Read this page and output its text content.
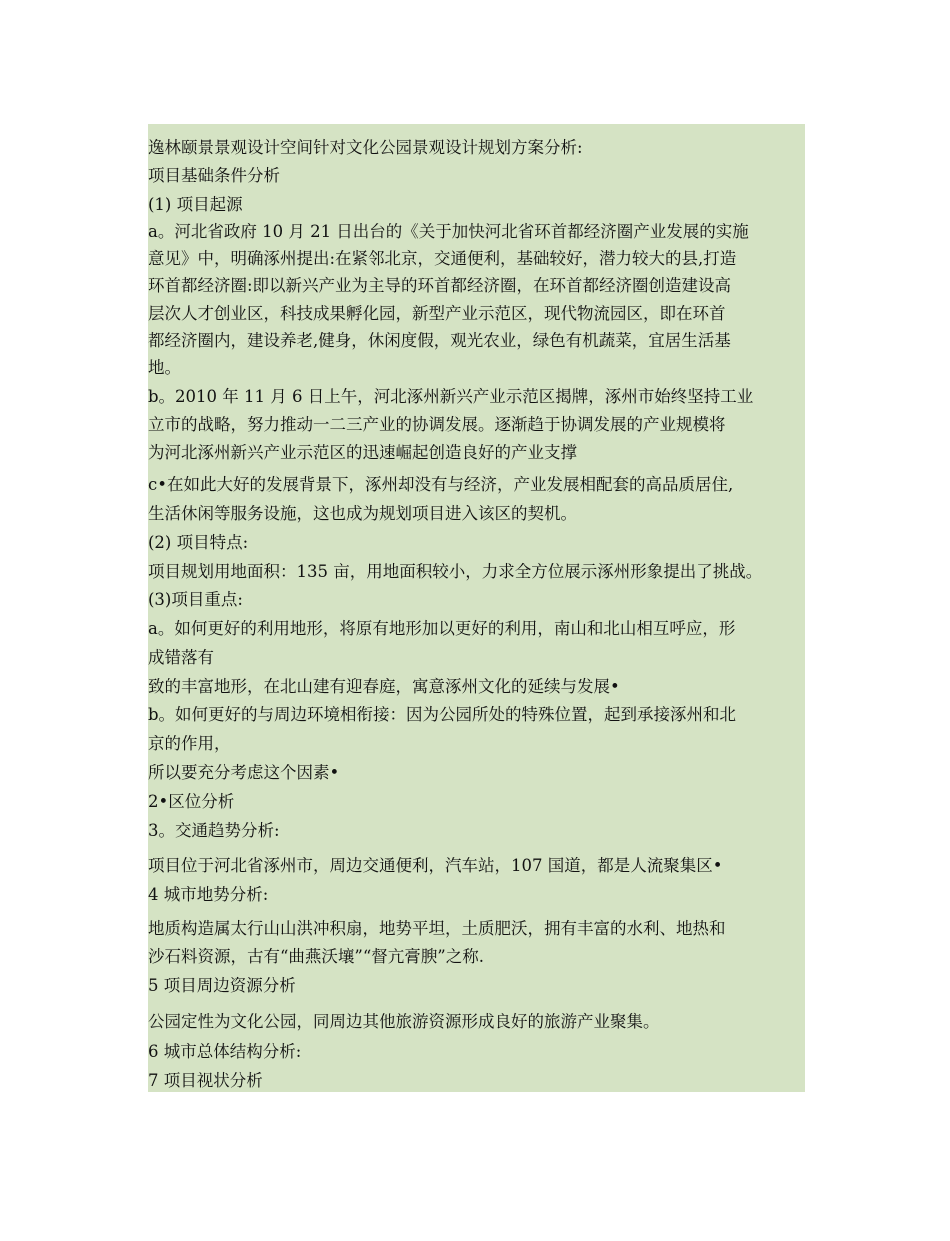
逸林颐景景观设计空间针对文化公园景观设计规划方案分析:
项目基础条件分析
(1) 项目起源
a。河北省政府 10 月 21 日出台的《关于加快河北省环首都经济圈产业发展的实施
意见》中，明确涿州提出:在紧邻北京，交通便利，基础较好，潜力较大的县,打造
环首都经济圈:即以新兴产业为主导的环首都经济圈，在环首都经济圈创造建设高
层次人才创业区，科技成果孵化园，新型产业示范区，现代物流园区，即在环首
都经济圈内，建设养老,健身，休闲度假，观光农业，绿色有机蔬菜，宜居生活基
地。
b。2010 年 11 月 6 日上午，河北涿州新兴产业示范区揭牌，涿州市始终坚持工业
立市的战略，努力推动一二三产业的协调发展。逐渐趋于协调发展的产业规模将
为河北涿州新兴产业示范区的迅速崛起创造良好的产业支撑
c•在如此大好的发展背景下，涿州却没有与经济，产业发展相配套的高品质居住,
生活休闲等服务设施，这也成为规划项目进入该区的契机。
(2) 项目特点:
项目规划用地面积：135 亩，用地面积较小，力求全方位展示涿州形象提出了挑战。
(3)项目重点:
a。如何更好的利用地形，将原有地形加以更好的利用，南山和北山相互呼应，形
成错落有
致的丰富地形，在北山建有迎春庭，寓意涿州文化的延续与发展•
b。如何更好的与周边环境相衔接：因为公园所处的特殊位置，起到承接涿州和北
京的作用，
所以要充分考虑这个因素•
2•区位分析
3。交通趋势分析:
项目位于河北省涿州市，周边交通便利，汽车站，107 国道，都是人流聚集区•
4 城市地势分析:
地质构造属太行山山洪冲积扇，地势平坦，土质肥沃，拥有丰富的水利、地热和
沙石料资源，古有“曲燕沃壤”“督亢膏腴”之称.
5 项目周边资源分析
公园定性为文化公园，同周边其他旅游资源形成良好的旅游产业聚集。
6 城市总体结构分析:
7 项目视状分析
